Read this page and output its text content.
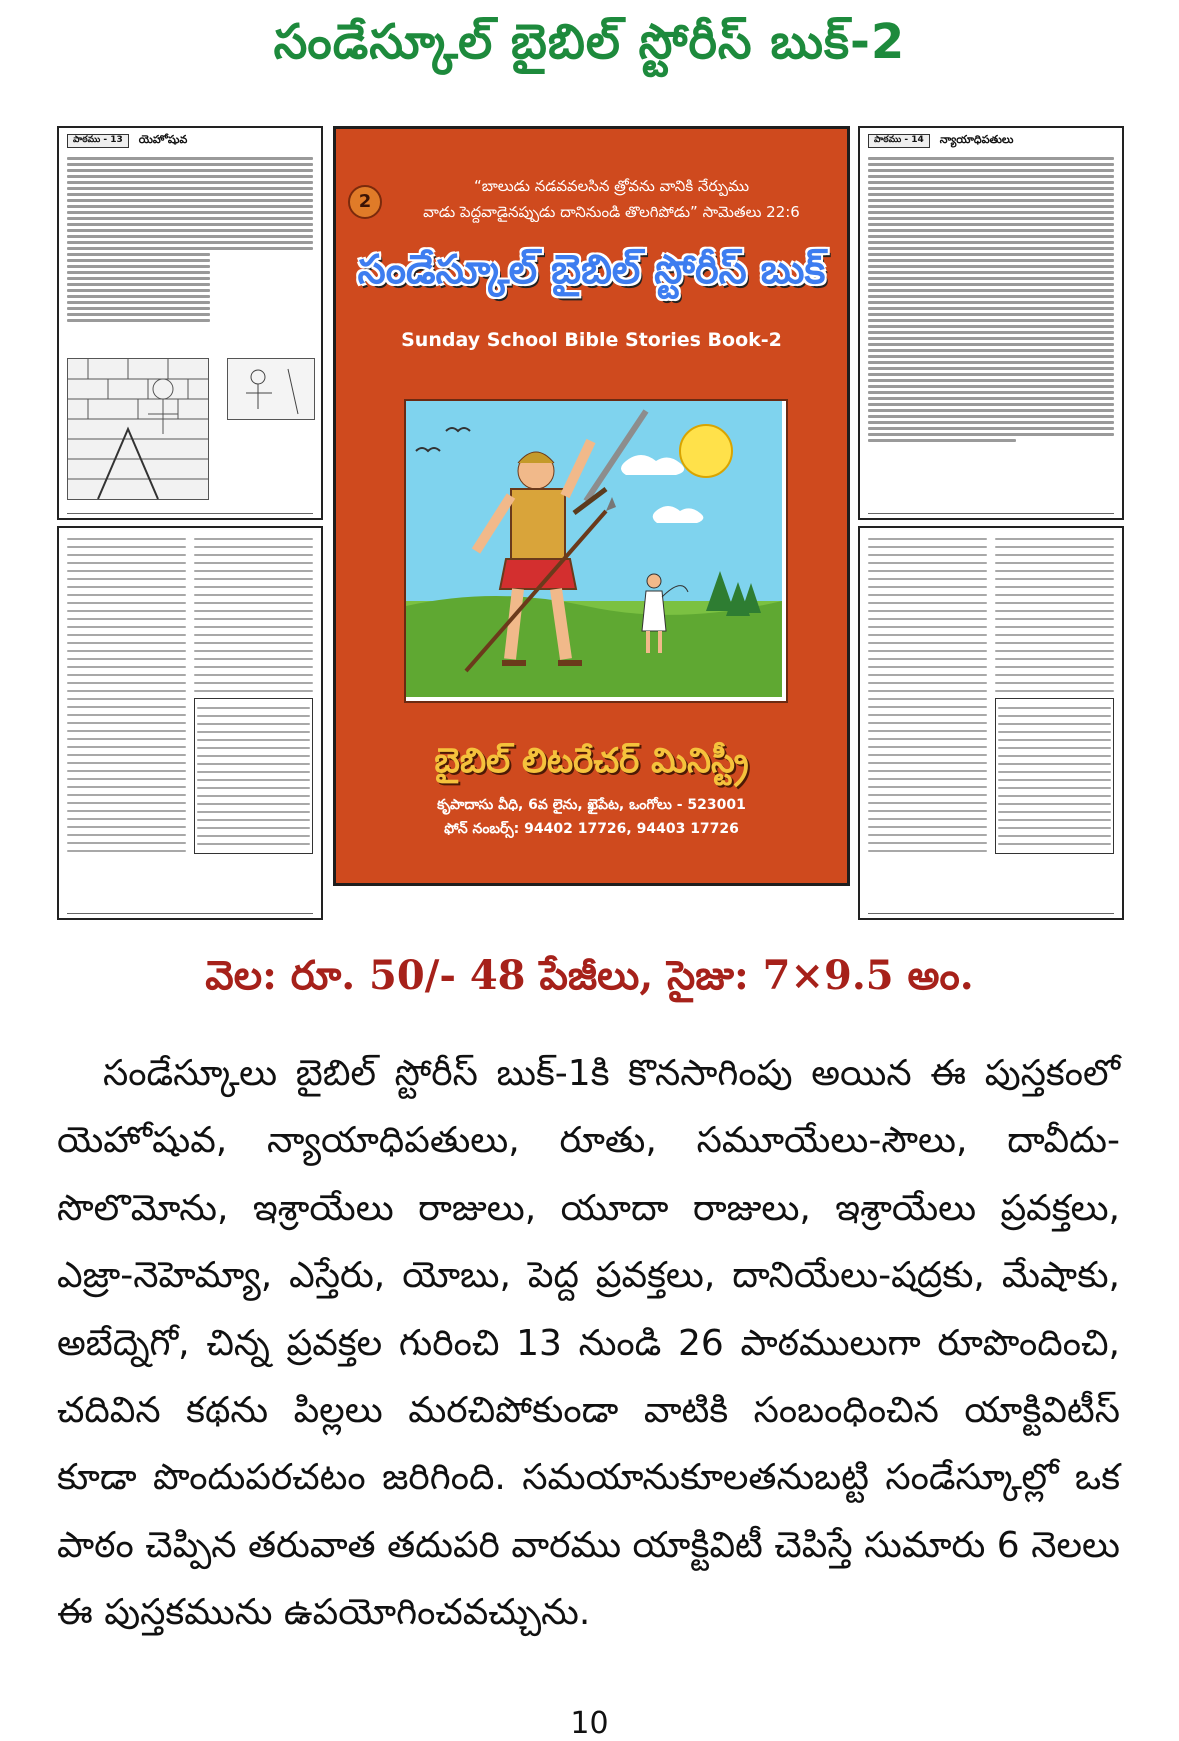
సండేస్కూల్ బైబిల్ స్టోరీస్ బుక్-2
పాఠము - 13	యెహోషువ
2
“బాలుడు నడవవలసిన త్రోవను వానికి నేర్పుము
వాడు పెద్దవాడైనప్పుడు దానినుండి తొలగిపోడు” సామెతలు 22:6
సండేస్కూల్ బైబిల్ స్టోరీస్ బుక్
Sunday School Bible Stories Book-2
బైబిల్ లిటరేచర్ మినిస్ట్రీ
కృపాదాసు వీధి, 6వ లైను, ఖైపేట, ఒంగోలు - 523001
ఫోన్ నంబర్స్: 94402 17726, 94403 17726
పాఠము - 14	న్యాయాధిపతులు
వెల: రూ. 50/- 48 పేజీలు, సైజు: 7×9.5 అం.

సండేస్కూలు బైబిల్ స్టోరీస్ బుక్-1కి కొనసాగింపు అయిన ఈ పుస్తకంలో యెహోషువ, న్యాయాధిపతులు, రూతు, సమూయేలు-సౌలు, దావీదు-సొలొమోను, ఇశ్రాయేలు రాజులు, యూదా రాజులు, ఇశ్రాయేలు ప్రవక్తలు, ఎజ్రా-నెహెమ్యా, ఎస్తేరు, యోబు, పెద్ద ప్రవక్తలు, దానియేలు-షద్రకు, మేషాకు, అబేద్నెగో, చిన్న ప్రవక్తల గురించి 13 నుండి 26 పాఠములుగా రూపొందించి, చదివిన కథను పిల్లలు మరచిపోకుండా వాటికి సంబంధించిన యాక్టివిటీస్ కూడా పొందుపరచటం జరిగింది. సమయానుకూలతనుబట్టి సండేస్కూల్లో ఒక పాఠం చెప్పిన తరువాత తదుపరి వారము యాక్టివిటీ చెపిస్తే సుమారు 6 నెలలు ఈ పుస్తకమును ఉపయోగించవచ్చును.

10
